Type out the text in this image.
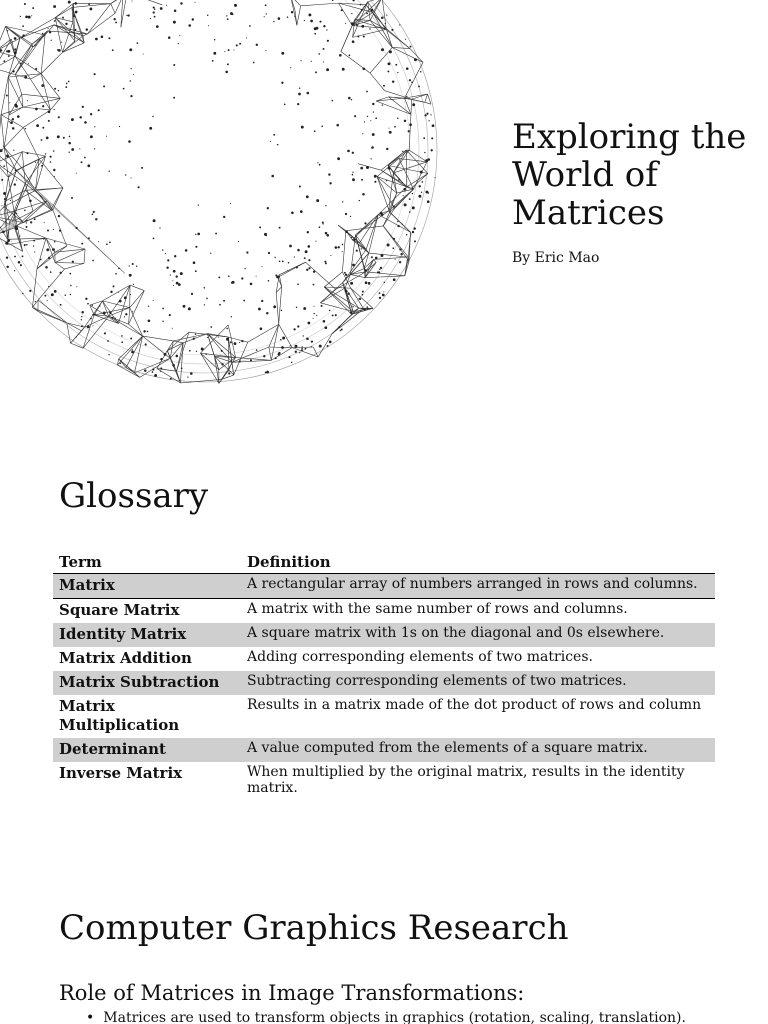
Exploring the World of Matrices
By Eric Mao
Glossary
Term	Definition
Matrix	A rectangular array of numbers arranged in rows and columns.
Square Matrix	A matrix with the same number of rows and columns.
Identity Matrix	A square matrix with 1s on the diagonal and 0s elsewhere.
Matrix Addition	Adding corresponding elements of two matrices.
Matrix Subtraction	Subtracting corresponding elements of two matrices.
Matrix Multiplication	Results in a matrix made of the dot product of rows and column
Determinant	A value computed from the elements of a square matrix.
Inverse Matrix	When multiplied by the original matrix, results in the identity matrix.
Computer Graphics Research
Role of Matrices in Image Transformations:
• Matrices are used to transform objects in graphics (rotation, scaling, translation).
